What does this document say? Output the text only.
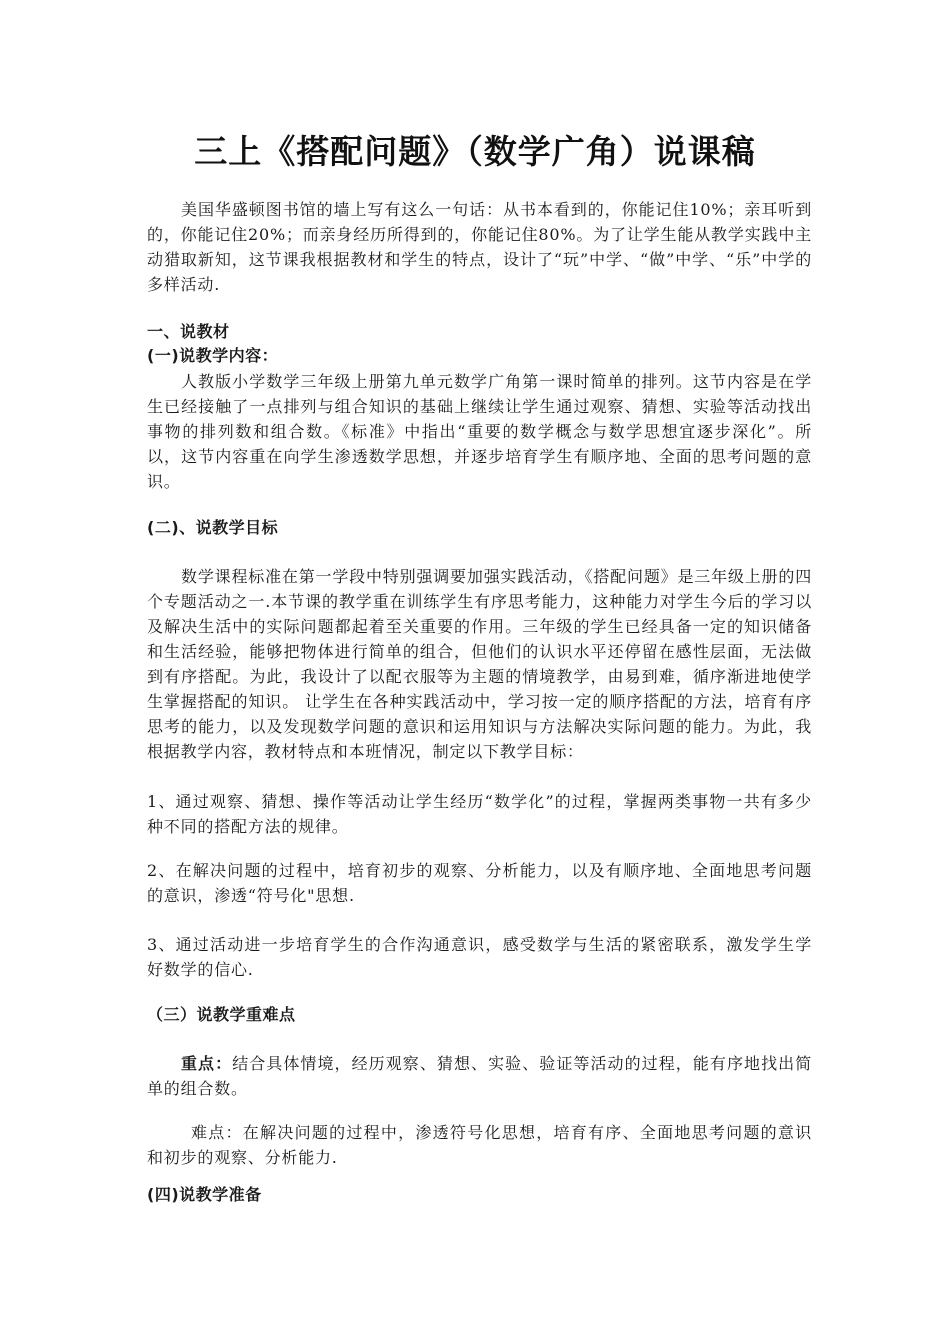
三上《搭配问题》（数学广角）说课稿

美国华盛顿图书馆的墙上写有这么一句话：从书本看到的，你能记住10%；亲耳听到的，你能记住20%；而亲身经历所得到的，你能记住80%。为了让学生能从教学实践中主动猎取新知，这节课我根据教材和学生的特点，设计了“玩”中学、“做”中学、“乐”中学的多样活动.

一、说教材
(一)说教学内容：

人教版小学数学三年级上册第九单元数学广角第一课时简单的排列。这节内容是在学生已经接触了一点排列与组合知识的基础上继续让学生通过观察、猜想、实验等活动找出事物的排列数和组合数。《标准》中指出“重要的数学概念与数学思想宜逐步深化”。所以，这节内容重在向学生渗透数学思想，并逐步培育学生有顺序地、全面的思考问题的意识。

(二)、说教学目标

数学课程标准在第一学段中特别强调要加强实践活动，《搭配问题》是三年级上册的四个专题活动之一.本节课的教学重在训练学生有序思考能力，这种能力对学生今后的学习以及解决生活中的实际问题都起着至关重要的作用。三年级的学生已经具备一定的知识储备和生活经验，能够把物体进行简单的组合，但他们的认识水平还停留在感性层面，无法做到有序搭配。为此，我设计了以配衣服等为主题的情境教学，由易到难，循序渐进地使学生掌握搭配的知识。 让学生在各种实践活动中，学习按一定的顺序搭配的方法，培育有序思考的能力，以及发现数学问题的意识和运用知识与方法解决实际问题的能力。为此，我根据教学内容，教材特点和本班情况，制定以下教学目标：

1、通过观察、猜想、操作等活动让学生经历“数学化”的过程，掌握两类事物一共有多少种不同的搭配方法的规律。

2、在解决问题的过程中，培育初步的观察、分析能力，以及有顺序地、全面地思考问题的意识，渗透“符号化"思想.

3、通过活动进一步培育学生的合作沟通意识，感受数学与生活的紧密联系，激发学生学好数学的信心.

（三）说教学重难点

重点：结合具体情境，经历观察、猜想、实验、验证等活动的过程，能有序地找出简单的组合数。

难点：在解决问题的过程中，渗透符号化思想，培育有序、全面地思考问题的意识和初步的观察、分析能力.

(四)说教学准备
